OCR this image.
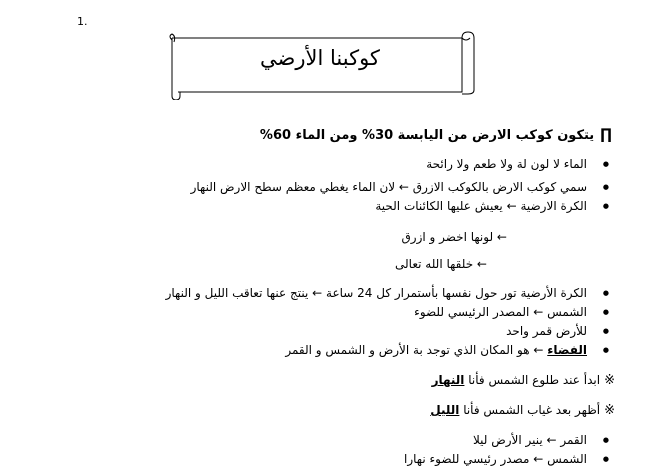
1.
كوكبنا الأرضي
∏يتكون كوكب الارض من اليابسة 30% ومن الماء 60%
● الماء لا لون لة ولا طعم ولا رائحة
● سمي كوكب الارض بالكوكب الازرق ← لان الماء يغطي معظم سطح الارض النهار
● الكرة الارضية ← يعيش عليها الكائنات الحية
← لونها اخضر و ازرق
← خلقها الله تعالى
● الكرة الأرضية تور حول نفسها بأستمرار كل 24 ساعة ← ينتج عنها تعاقب الليل و النهار
● الشمس ← المصدر الرئيسي للضوء
● للأرض قمر واحد
● الفضاء ← هو المكان الذي توجد بة الأرض و الشمس و القمر
※ابدأ عند طلوع الشمس فأنا النهار
※أظهر بعد غياب الشمس فأنا الليل
● القمر ← ينير الأرض ليلا
● الشمس ← مصدر رئيسي للضوء نهارا
